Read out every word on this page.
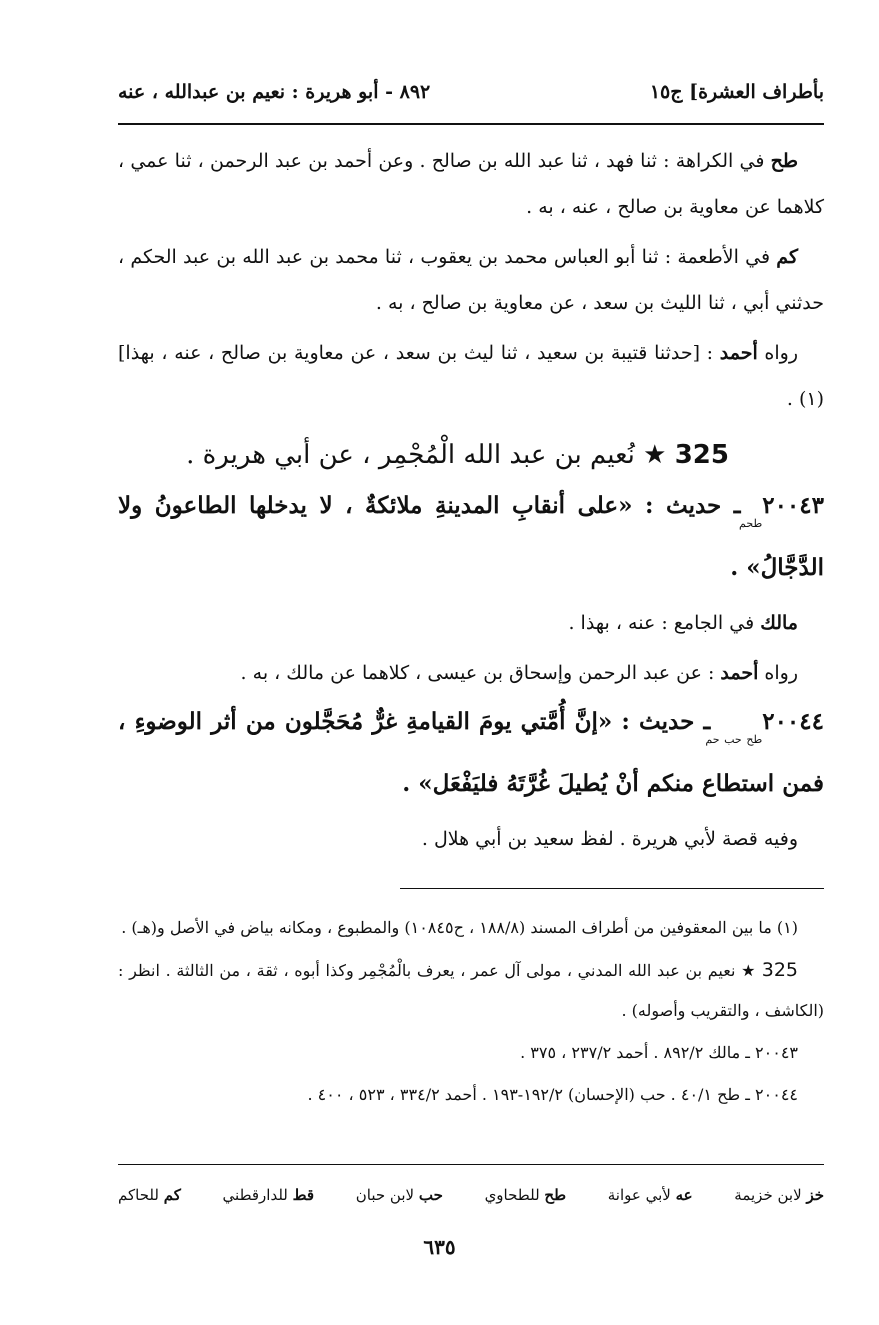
بأطراف العشرة] ج١٥
٨٩٢ - أبو هريرة : نعيم بن عبدالله ، عنه

طح في الكراهة : ثنا فهد ، ثنا عبد الله بن صالح . وعن أحمد بن عبد الرحمن ، ثنا عمي ، كلاهما عن معاوية بن صالح ، عنه ، به .

كم في الأطعمة : ثنا أبو العباس محمد بن يعقوب ، ثنا محمد بن عبد الله بن عبد الحكم ، حدثني أبي ، ثنا الليث بن سعد ، عن معاوية بن صالح ، به .

رواه أحمد : [حدثنا قتيبة بن سعيد ، ثنا ليث بن سعد ، عن معاوية بن صالح ، عنه ، بهذا](١) .

325 ★ نُعيم بن عبد الله الْمُجْمِر ، عن أبي هريرة .

$٢٠٠٤٣_{طحم}$ ـ حديث : «على أنقابِ المدينةِ ملائكةٌ ، لا يدخلها الطاعونُ ولا الدَّجَّالُ» .

مالك في الجامع : عنه ، بهذا .

رواه أحمد : عن عبد الرحمن وإسحاق بن عيسى ، كلاهما عن مالك ، به .

$٢٠٠٤٤_{طح حب حم}$ ـ حديث : «إنَّ أُمَّتي يومَ القيامةِ غرٌّ مُحَجَّلون من أثر الوضوءِ ، فمن استطاع منكم أنْ يُطيلَ غُرَّتَهُ فليَفْعَل» .

وفيه قصة لأبي هريرة . لفظ سعيد بن أبي هلال .

(١) ما بين المعقوفين من أطراف المسند (١٨٨/٨ ، ح١٠٨٤٥) والمطبوع ، ومكانه بياض في الأصل و(هـ) .

325 ★ نعيم بن عبد الله المدني ، مولى آل عمر ، يعرف بالْمُجْمِر وكذا أبوه ، ثقة ، من الثالثة . انظر : (الكاشف ، والتقريب وأصوله) .

٢٠٠٤٣ ـ مالك ٨٩٢/٢ . أحمد ٢٣٧/٢ ، ٣٧٥ .

٢٠٠٤٤ ـ طح ٤٠/١ . حب (الإحسان) ١٩٢/٢-١٩٣ . أحمد ٣٣٤/٢ ، ٥٢٣ ، ٤٠٠ .

خز لابن خزيمة
عه لأبي عوانة
طح للطحاوي
حب لابن حبان
قط للدارقطني
كم للحاكم
٦٣٥
